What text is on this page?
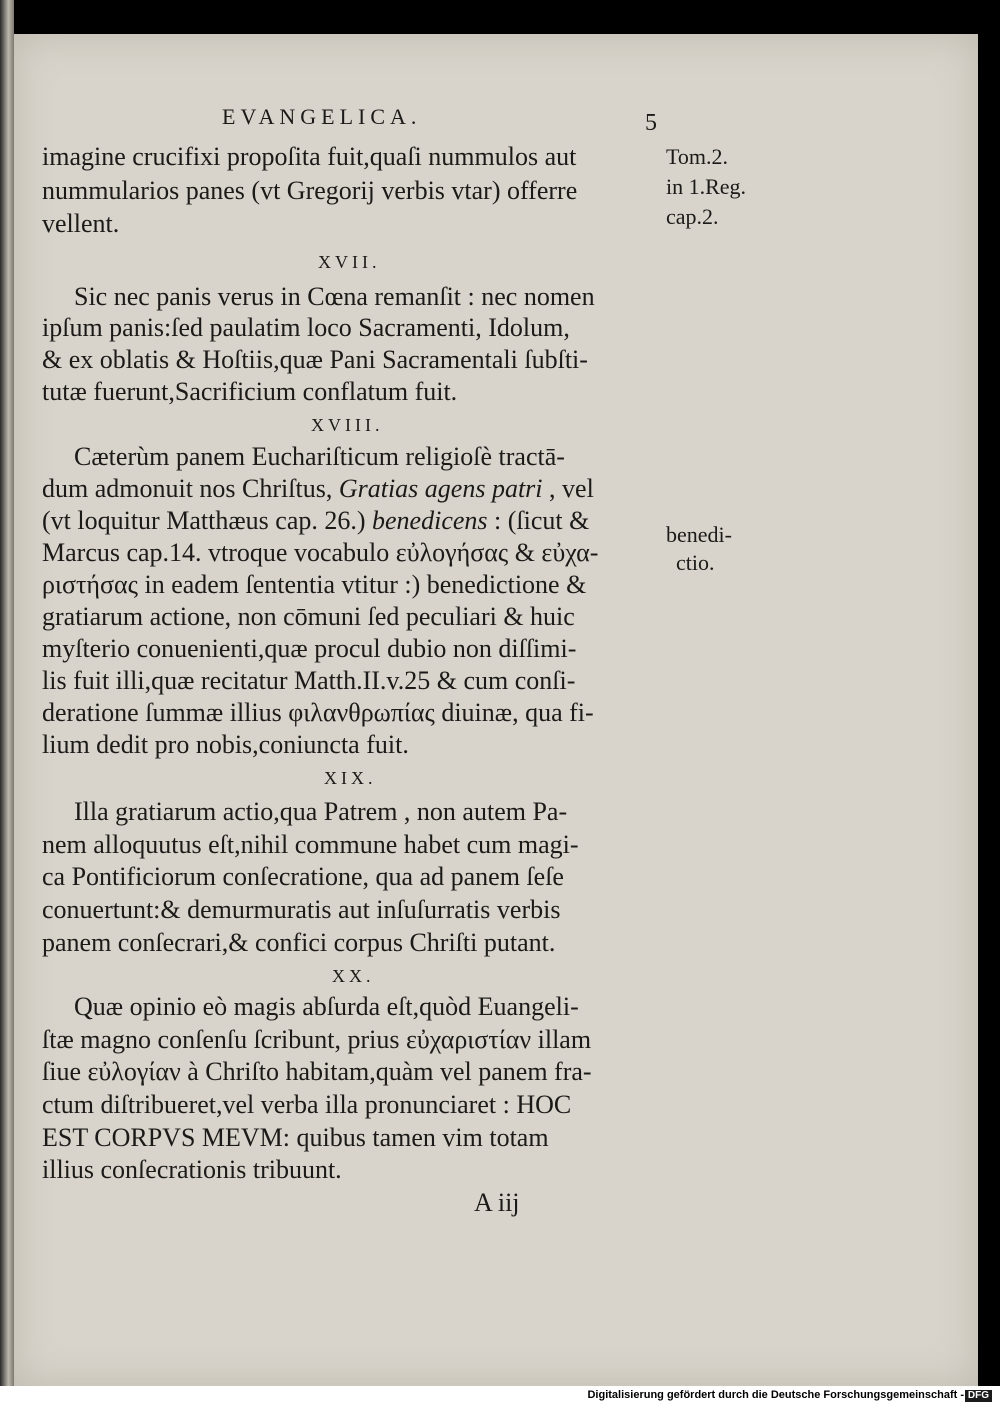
EVANGELICA.	5
imagine crucifixi propoſita fuit,quaſi nummulos aut
nummularios panes (vt Gregorij verbis vtar) offerre
vellent.
XVII.
Sic nec panis verus in Cœna remanſit : nec nomen
ipſum panis:ſed paulatim loco Sacramenti, Idolum,
& ex oblatis & Hoſtiis,quæ Pani Sacramentali ſubſti-
tutæ fuerunt,Sacrificium conflatum fuit.
XVIII.
Cæterùm panem Euchariſticum religioſè tractā-
dum admonuit nos Chriſtus, Gratias agens patri , vel
(vt loquitur Matthæus cap. 26.) benedicens : (ſicut &
Marcus cap.14. vtroque vocabulo εὐλογήσας & εὐχα-
ριστήσας in eadem ſententia vtitur :) benedictione &
gratiarum actione, non cōmuni ſed peculiari & huic
myſterio conuenienti,quæ procul dubio non diſſimi-
lis fuit illi,quæ recitatur Matth.II.v.25 & cum conſi-
deratione ſummæ illius φιλανθρωπίας diuinæ, qua fi-
lium dedit pro nobis,coniuncta fuit.
XIX.
Illa gratiarum actio,qua Patrem , non autem Pa-
nem alloquutus eſt,nihil commune habet cum magi-
ca Pontificiorum conſecratione, qua ad panem ſeſe
conuertunt:& demurmuratis aut inſuſurratis verbis
panem conſecrari,& confici corpus Chriſti putant.
XX.
Quæ opinio eò magis abſurda eſt,quòd Euangeli-
ſtæ magno conſenſu ſcribunt, prius εὐχαριστίαν illam
ſiue εὐλογίαν à Chriſto habitam,quàm vel panem fra-
ctum diſtribueret,vel verba illa pronunciaret : HOC
EST CORPVS MEVM: quibus tamen vim totam
illius conſecrationis tribuunt.
Tom.2.
in 1.Reg.
cap.2.
benedi-
ctio.
A iij
Digitalisierung gefördert durch die Deutsche Forschungsgemeinschaft - DFG
